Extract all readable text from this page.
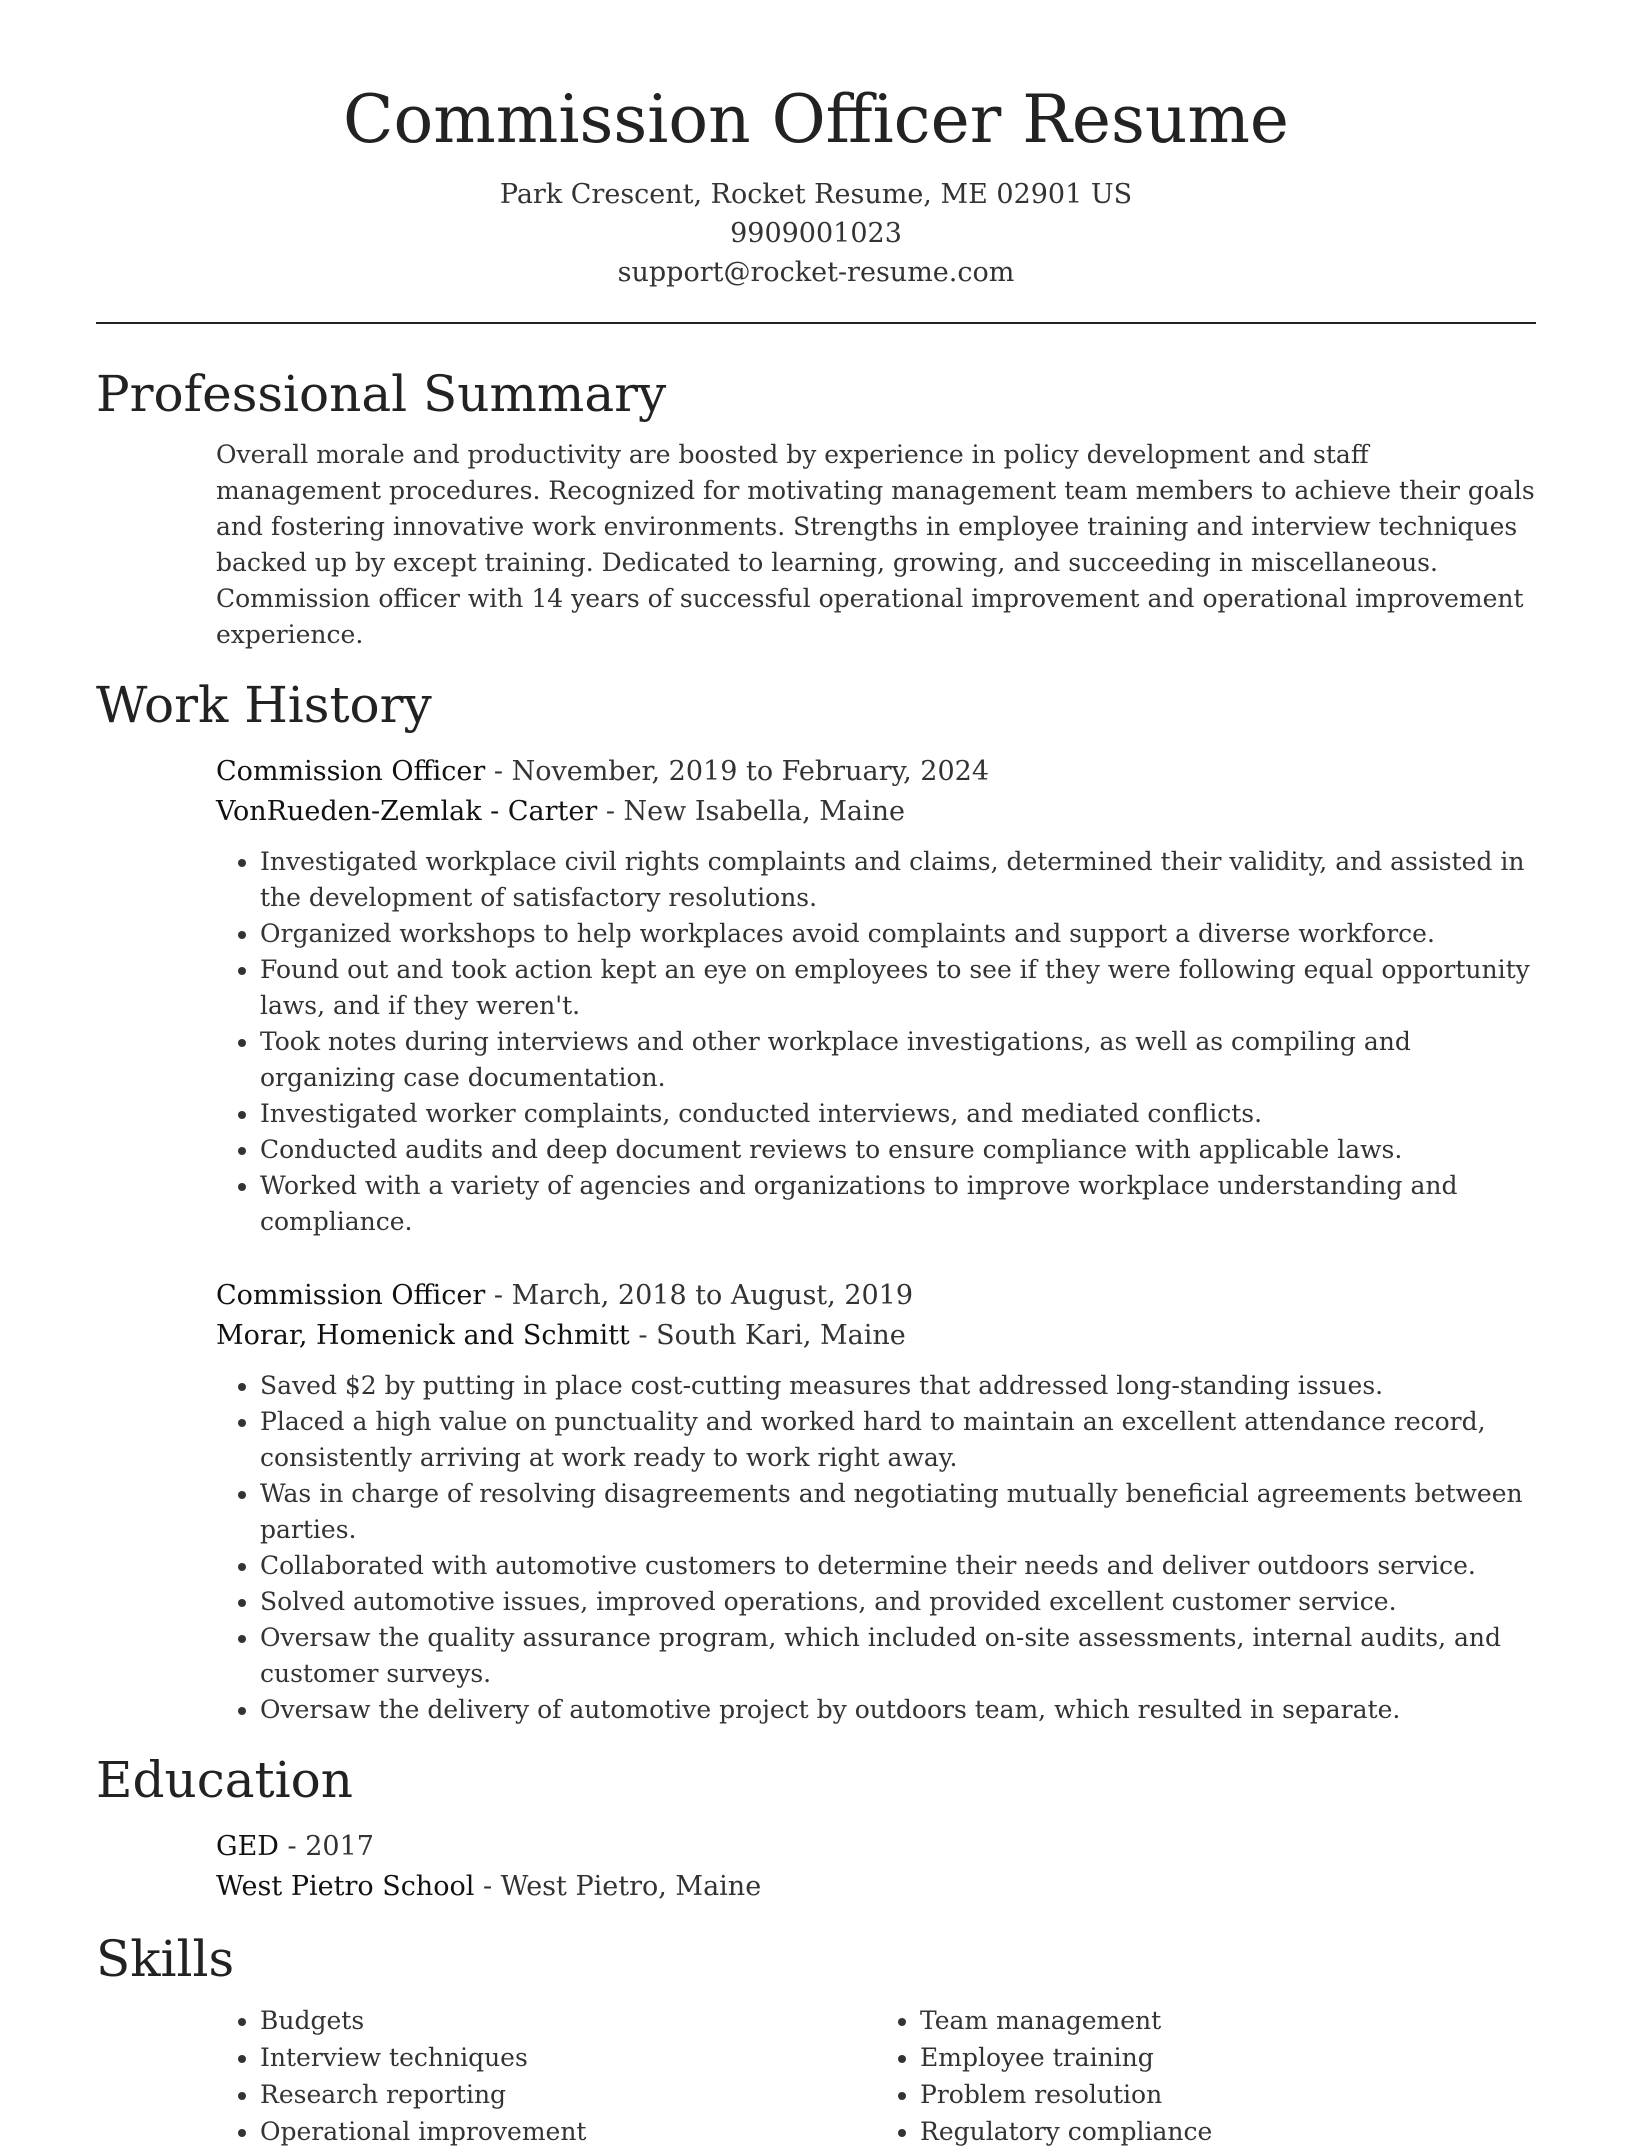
Commission Officer Resume
Park Crescent, Rocket Resume, ME 02901 US
9909001023
support@rocket-resume.com
Professional Summary

Overall morale and productivity are boosted by experience in policy development and staff management procedures. Recognized for motivating management team members to achieve their goals and fostering innovative work environments. Strengths in employee training and interview techniques backed up by except training. Dedicated to learning, growing, and succeeding in miscellaneous. Commission officer with 14 years of successful operational improvement and operational improvement experience.

Work History
Commission Officer - November, 2019 to February, 2024
VonRueden-Zemlak - Carter - New Isabella, Maine
• Investigated workplace civil rights complaints and claims, determined their validity, and assisted in the development of satisfactory resolutions.
• Organized workshops to help workplaces avoid complaints and support a diverse workforce.
• Found out and took action kept an eye on employees to see if they were following equal opportunity laws, and if they weren't.
• Took notes during interviews and other workplace investigations, as well as compiling and organizing case documentation.
• Investigated worker complaints, conducted interviews, and mediated conflicts.
• Conducted audits and deep document reviews to ensure compliance with applicable laws.
• Worked with a variety of agencies and organizations to improve workplace understanding and compliance.
Commission Officer - March, 2018 to August, 2019
Morar, Homenick and Schmitt - South Kari, Maine
• Saved $2 by putting in place cost-cutting measures that addressed long-standing issues.
• Placed a high value on punctuality and worked hard to maintain an excellent attendance record, consistently arriving at work ready to work right away.
• Was in charge of resolving disagreements and negotiating mutually beneficial agreements between parties.
• Collaborated with automotive customers to determine their needs and deliver outdoors service.
• Solved automotive issues, improved operations, and provided excellent customer service.
• Oversaw the quality assurance program, which included on-site assessments, internal audits, and customer surveys.
• Oversaw the delivery of automotive project by outdoors team, which resulted in separate.
Education
GED - 2017
West Pietro School - West Pietro, Maine
Skills
• Budgets
• Interview techniques
• Research reporting
• Operational improvement
• Team management
• Employee training
• Problem resolution
• Regulatory compliance
